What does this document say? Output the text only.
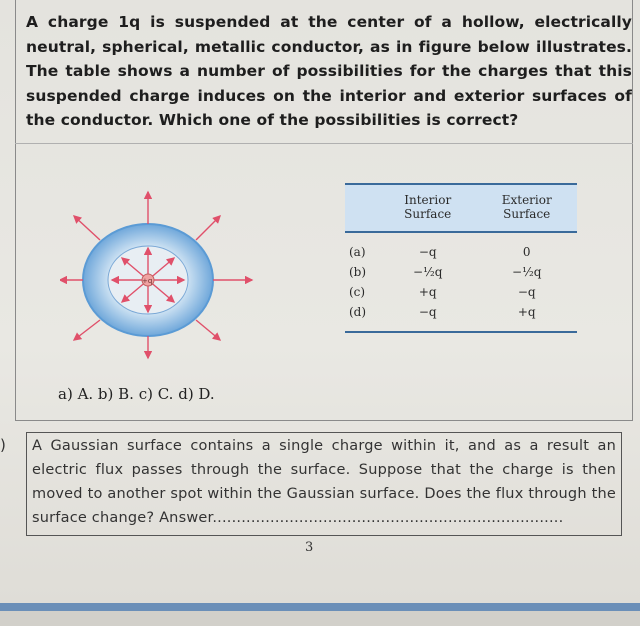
A charge 1q is suspended at the center of a hollow, electrically neutral, spherical, metallic conductor, as in figure below illustrates. The table shows a number of possibilities for the charges that this suspended charge induces on the interior and exterior surfaces of the conductor. Which one of the possibilities is correct?
+q
	Interior Surface	Exterior Surface
(a)	−q	0
(b)	−½q	−½q
(c)	+q	−q
(d)	−q	+q
a) A. b) B. c) C. d) D.
) A Gaussian surface contains a single charge within it, and as a result an electric flux passes through the surface. Suppose that the charge is then moved to another spot within the Gaussian surface. Does the flux through the surface change? Answer.........................................................................
3
